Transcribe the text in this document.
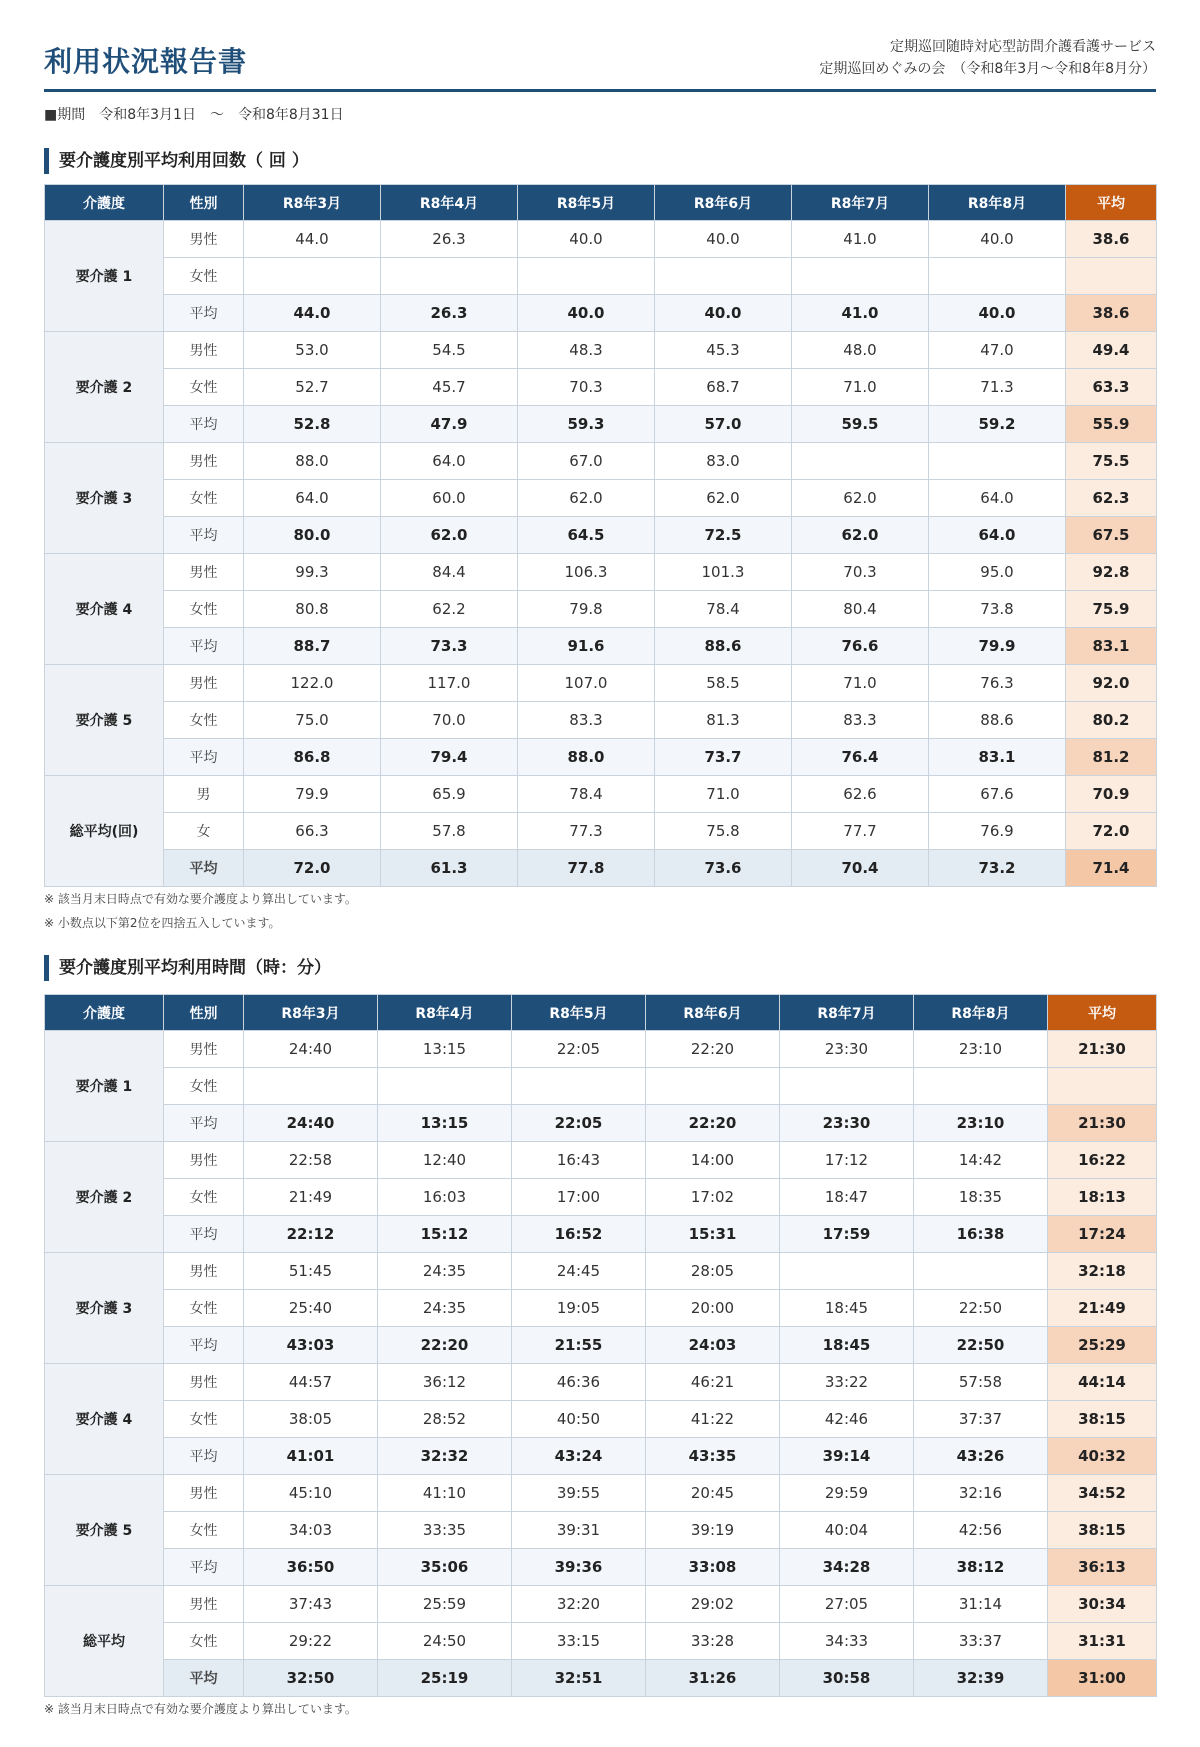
利用状況報告書	定期巡回随時対応型訪問介護看護サービス
定期巡回めぐみの会　（令和8年3月〜令和8年8月分）
■期間　令和8年3月1日　〜　令和8年8月31日
要介護度別平均利用回数（ 回 ）
介護度	性別	R8年3月	R8年4月	R8年5月	R8年6月	R8年7月	R8年8月	平均
要介護 1	男性	44.0	26.3	40.0	40.0	41.0	40.0	38.6
	女性							
	平均	44.0	26.3	40.0	40.0	41.0	40.0	38.6
要介護 2	男性	53.0	54.5	48.3	45.3	48.0	47.0	49.4
	女性	52.7	45.7	70.3	68.7	71.0	71.3	63.3
	平均	52.8	47.9	59.3	57.0	59.5	59.2	55.9
要介護 3	男性	88.0	64.0	67.0	83.0			75.5
	女性	64.0	60.0	62.0	62.0	62.0	64.0	62.3
	平均	80.0	62.0	64.5	72.5	62.0	64.0	67.5
要介護 4	男性	99.3	84.4	106.3	101.3	70.3	95.0	92.8
	女性	80.8	62.2	79.8	78.4	80.4	73.8	75.9
	平均	88.7	73.3	91.6	88.6	76.6	79.9	83.1
要介護 5	男性	122.0	117.0	107.0	58.5	71.0	76.3	92.0
	女性	75.0	70.0	83.3	81.3	83.3	88.6	80.2
	平均	86.8	79.4	88.0	73.7	76.4	83.1	81.2
総平均(回)	男	79.9	65.9	78.4	71.0	62.6	67.6	70.9
	女	66.3	57.8	77.3	75.8	77.7	76.9	72.0
	平均	72.0	61.3	77.8	73.6	70.4	73.2	71.4
※ 該当月末日時点で有効な要介護度より算出しています。
※ 小数点以下第2位を四捨五入しています。
要介護度別平均利用時間（時：分）
介護度	性別	R8年3月	R8年4月	R8年5月	R8年6月	R8年7月	R8年8月	平均
要介護 1	男性	24:40	13:15	22:05	22:20	23:30	23:10	21:30
	女性							
	平均	24:40	13:15	22:05	22:20	23:30	23:10	21:30
要介護 2	男性	22:58	12:40	16:43	14:00	17:12	14:42	16:22
	女性	21:49	16:03	17:00	17:02	18:47	18:35	18:13
	平均	22:12	15:12	16:52	15:31	17:59	16:38	17:24
要介護 3	男性	51:45	24:35	24:45	28:05			32:18
	女性	25:40	24:35	19:05	20:00	18:45	22:50	21:49
	平均	43:03	22:20	21:55	24:03	18:45	22:50	25:29
要介護 4	男性	44:57	36:12	46:36	46:21	33:22	57:58	44:14
	女性	38:05	28:52	40:50	41:22	42:46	37:37	38:15
	平均	41:01	32:32	43:24	43:35	39:14	43:26	40:32
要介護 5	男性	45:10	41:10	39:55	20:45	29:59	32:16	34:52
	女性	34:03	33:35	39:31	39:19	40:04	42:56	38:15
	平均	36:50	35:06	39:36	33:08	34:28	38:12	36:13
総平均	男性	37:43	25:59	32:20	29:02	27:05	31:14	30:34
	女性	29:22	24:50	33:15	33:28	34:33	33:37	31:31
	平均	32:50	25:19	32:51	31:26	30:58	32:39	31:00
※ 該当月末日時点で有効な要介護度より算出しています。
